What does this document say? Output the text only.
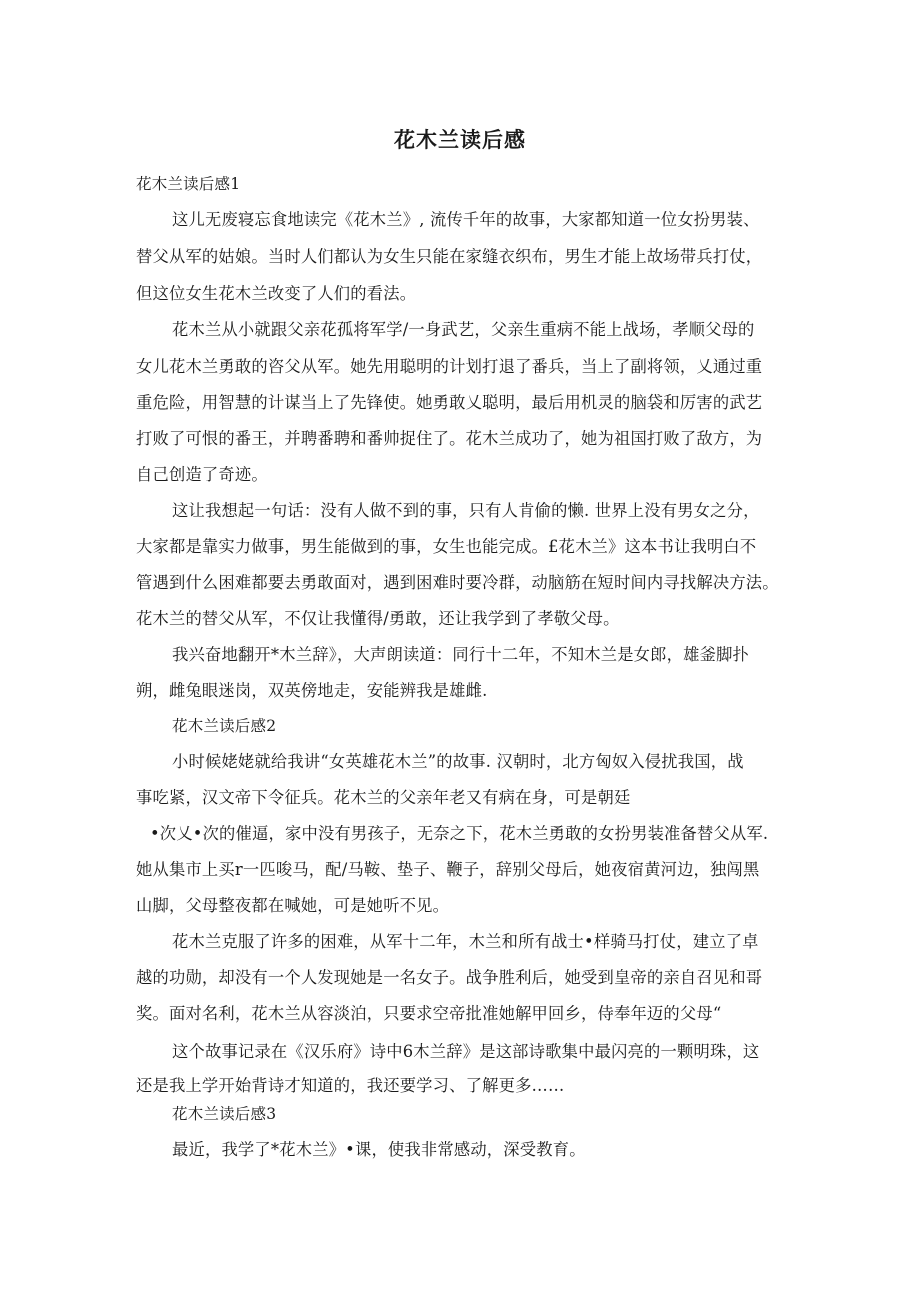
花木兰读后感

花木兰读后感1

这儿无废寝忘食地读完《花木兰》, 流传千年的故事，大家都知道一位女扮男装、

替父从军的姑娘。当时人们都认为女生只能在家缝衣织布，男生才能上故场带兵打仗，

但这位女生花木兰改变了人们的看法。

花木兰从小就跟父亲花孤将军学/一身武艺，父亲生重病不能上战场，孝顺父母的

女儿花木兰勇敢的咨父从军。她先用聪明的计划打退了番兵，当上了副将领，乂通过重

重危险，用智慧的计谋当上了先锋使。她勇敢乂聪明，最后用机灵的脑袋和厉害的武艺

打败了可恨的番王，并聘番聘和番帅捉住了。花木兰成功了，她为祖国打败了敌方，为

自己创造了奇迹。

这让我想起一句话：没有人做不到的事，只有人肯偷的懒. 世界上没有男女之分，

大家都是靠实力做事，男生能做到的事，女生也能完成。£花木兰》这本书让我明白不

管遇到什么困难都要去勇敢面对，遇到困难时要冷群，动脑筋在短时间内寻找解决方法。

花木兰的替父从军，不仅让我懂得/勇敢，还让我学到了孝敬父母。

我兴奋地翻开*木兰辞》，大声朗读道：同行十二年，不知木兰是女郎，雄釜脚扑

朔，雌兔眼迷岗，双英傍地走，安能辨我是雄雌.

花木兰读后感2

小时候姥姥就给我讲“女英雄花木兰”的故事. 汉朝时，北方匈奴入侵扰我国，战

事吃紧，汉文帝下令征兵。花木兰的父亲年老又有病在身，可是朝廷

•次乂•次的催逼，家中没有男孩子，无奈之下，花木兰勇敢的女扮男装准备替父从军.

她从集市上买r一匹唆马，配/马鞍、垫子、鞭子，辞别父母后，她夜宿黄河边，独闯黑

山脚，父母整夜都在喊她，可是她听不见。

花木兰克服了许多的困难，从军十二年，木兰和所有战士•样骑马打仗，建立了卓

越的功勋，却没有一个人发现她是一名女子。战争胜利后，她受到皇帝的亲自召见和哥

奖。面对名利，花木兰从容淡泊，只要求空帝批准她解甲回乡，侍奉年迈的父母“

这个故事记录在《汉乐府》诗中6木兰辞》是这部诗歌集中最闪亮的一颗明珠，这

还是我上学开始背诗才知道的，我还要学习、了解更多……

花木兰读后感3

最近，我学了*花木兰》•课，使我非常感动，深受教育。
